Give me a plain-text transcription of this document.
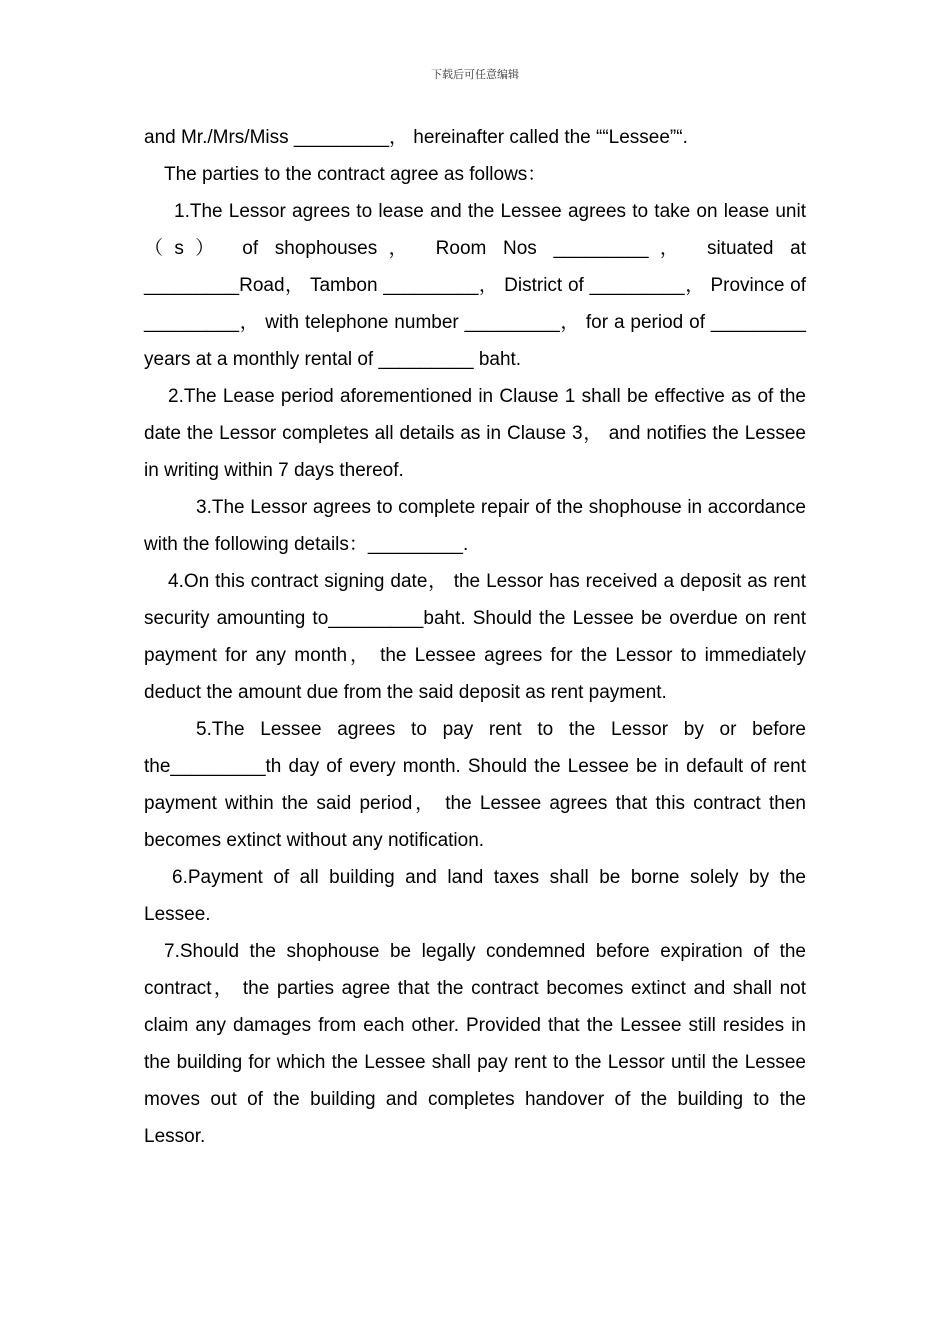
下载后可任意编辑

and Mr./Mrs/Miss _________， hereinafter called the ““Lessee”“.

The parties to the contract agree as follows：

1.The Lessor agrees to lease and the Lessee agrees to take on lease unit （s） of shophouses， Room Nos _________， situated at _________Road， Tambon _________， District of _________， Province of _________， with telephone number _________， for a period of _________ years at a monthly rental of _________ baht.

2.The Lease period aforementioned in Clause 1 shall be effective as of the date the Lessor completes all details as in Clause 3， and notifies the Lessee in writing within 7 days thereof.

3.The Lessor agrees to complete repair of the shophouse in accordance with the following details：_________.

4.On this contract signing date， the Lessor has received a deposit as rent security amounting to_________baht. Should the Lessee be overdue on rent payment for any month， the Lessee agrees for the Lessor to immediately deduct the amount due from the said deposit as rent payment.

5.The Lessee agrees to pay rent to the Lessor by or before the_________th day of every month. Should the Lessee be in default of rent payment within the said period， the Lessee agrees that this contract then becomes extinct without any notification.

6.Payment of all building and land taxes shall be borne solely by the Lessee.

7.Should the shophouse be legally condemned before expiration of the contract， the parties agree that the contract becomes extinct and shall not claim any damages from each other. Provided that the Lessee still resides in the building for which the Lessee shall pay rent to the Lessor until the Lessee moves out of the building and completes handover of the building to the Lessor.
